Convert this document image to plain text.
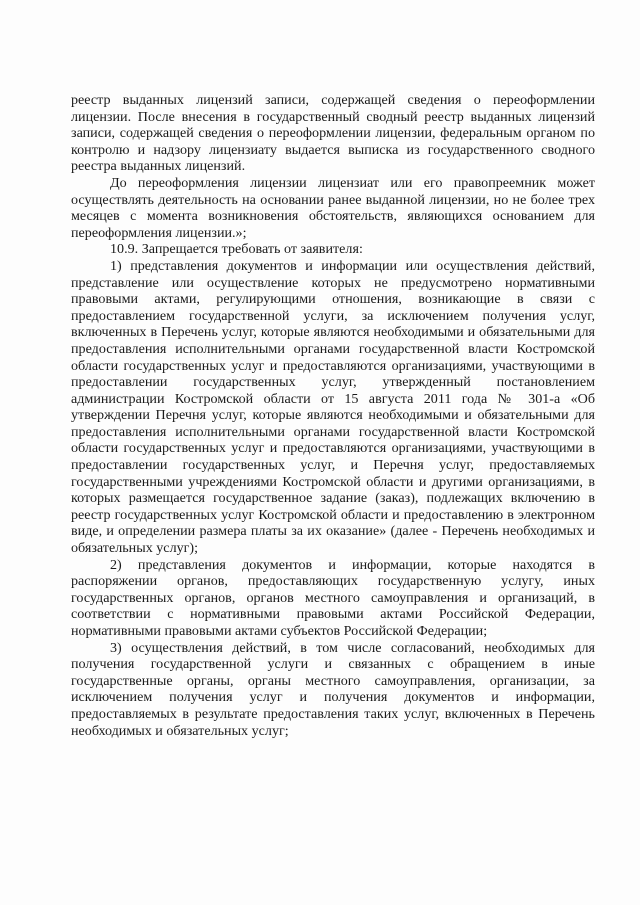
реестр выданных лицензий записи, содержащей сведения о переоформлении лицензии. После внесения в государственный сводный реестр выданных лицензий записи, содержащей сведения о переоформлении лицензии, федеральным органом по контролю и надзору лицензиату выдается выписка из государственного сводного реестра выданных лицензий.

До переоформления лицензии лицензиат или его правопреемник может осуществлять деятельность на основании ранее выданной лицензии, но не более трех месяцев с момента возникновения обстоятельств, являющихся основанием для переоформления лицензии.»;

10.9. Запрещается требовать от заявителя:

1) представления документов и информации или осуществления действий, представление или осуществление которых не предусмотрено нормативными правовыми актами, регулирующими отношения, возникающие в связи с предоставлением государственной услуги, за исключением получения услуг, включенных в Перечень услуг, которые являются необходимыми и обязательными для предоставления исполнительными органами государственной власти Костромской области государственных услуг и предоставляются организациями, участвующими в предоставлении государственных услуг, утвержденный постановлением администрации Костромской области от 15 августа 2011 года № 301-а «Об утверждении Перечня услуг, которые являются необходимыми и обязательными для предоставления исполнительными органами государственной власти Костромской области государственных услуг и предоставляются организациями, участвующими в предоставлении государственных услуг, и Перечня услуг, предоставляемых государственными учреждениями Костромской области и другими организациями, в которых размещается государственное задание (заказ), подлежащих включению в реестр государственных услуг Костромской области и предоставлению в электронном виде, и определении размера платы за их оказание» (далее - Перечень необходимых и обязательных услуг);

2) представления документов и информации, которые находятся в распоряжении органов, предоставляющих государственную услугу, иных государственных органов, органов местного самоуправления и организаций, в соответствии с нормативными правовыми актами Российской Федерации, нормативными правовыми актами субъектов Российской Федерации;

3) осуществления действий, в том числе согласований, необходимых для получения государственной услуги и связанных с обращением в иные государственные органы, органы местного самоуправления, организации, за исключением получения услуг и получения документов и информации, предоставляемых в результате предоставления таких услуг, включенных в Перечень необходимых и обязательных услуг;
